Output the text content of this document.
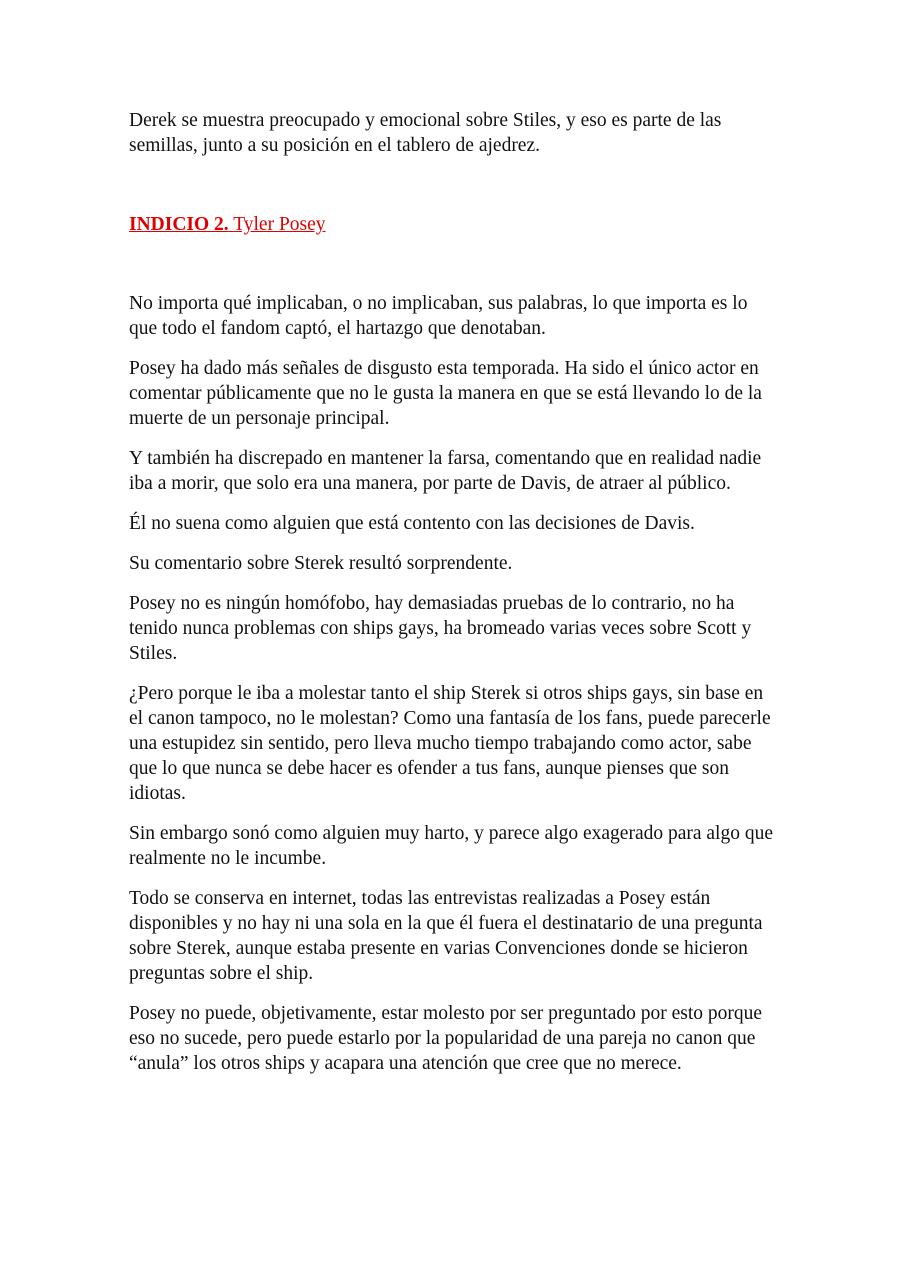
Derek se muestra preocupado y emocional sobre Stiles, y eso es parte de las semillas, junto a su posición en el tablero de ajedrez.

INDICIO 2. Tyler Posey

No importa qué implicaban, o no implicaban, sus palabras, lo que importa es lo que todo el fandom captó, el hartazgo que denotaban.

Posey ha dado más señales de disgusto esta temporada. Ha sido el único actor en comentar públicamente que no le gusta la manera en que se está llevando lo de la muerte de un personaje principal.

Y también ha discrepado en mantener la farsa, comentando que en realidad nadie iba a morir, que solo era una manera, por parte de Davis, de atraer al público.

Él no suena como alguien que está contento con las decisiones de Davis.

Su comentario sobre Sterek resultó sorprendente.

Posey no es ningún homófobo, hay demasiadas pruebas de lo contrario, no ha tenido nunca problemas con ships gays, ha bromeado varias veces sobre Scott y Stiles.

¿Pero porque le iba a molestar tanto el ship Sterek si otros ships gays, sin base en el canon tampoco, no le molestan? Como una fantasía de los fans, puede parecerle una estupidez sin sentido, pero lleva mucho tiempo trabajando como actor, sabe que lo que nunca se debe hacer es ofender a tus fans, aunque pienses que son idiotas.

Sin embargo sonó como alguien muy harto, y parece algo exagerado para algo que realmente no le incumbe.

Todo se conserva en internet, todas las entrevistas realizadas a Posey están disponibles y no hay ni una sola en la que él fuera el destinatario de una pregunta sobre Sterek, aunque estaba presente en varias Convenciones donde se hicieron preguntas sobre el ship.

Posey no puede, objetivamente, estar molesto por ser preguntado por esto porque eso no sucede, pero puede estarlo por la popularidad de una pareja no canon que “anula” los otros ships y acapara una atención que cree que no merece.
